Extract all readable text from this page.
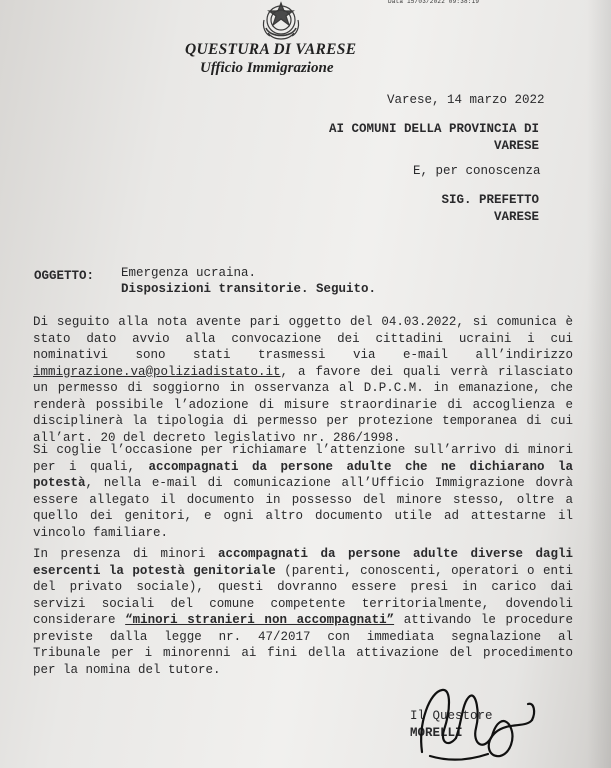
Data 15/03/2022 09:38:19
QUESTURA DI VARESE
Ufficio Immigrazione
Varese, 14 marzo 2022
AI COMUNI DELLA PROVINCIA DI
VARESE
E, per conoscenza
SIG. PREFETTO
VARESE
OGGETTO: Emergenza ucraina.
Disposizioni transitorie. Seguito.
Di seguito alla nota avente pari oggetto del 04.03.2022, si comunica è stato dato avvio alla convocazione dei cittadini ucraini i cui nominativi sono stati trasmessi via e-mail all’indirizzo immigrazione.va@poliziadistato.it, a favore dei quali verrà rilasciato un permesso di soggiorno in osservanza al D.P.C.M. in emanazione, che renderà possibile l’adozione di misure straordinarie di accoglienza e disciplinerà la tipologia di permesso per protezione temporanea di cui all’art. 20 del decreto legislativo nr. 286/1998.
Si coglie l’occasione per richiamare l’attenzione sull’arrivo di minori per i quali, accompagnati da persone adulte che ne dichiarano la potestà, nella e-mail di comunicazione all’Ufficio Immigrazione dovrà essere allegato il documento in possesso del minore stesso, oltre a quello dei genitori, e ogni altro documento utile ad attestarne il vincolo familiare.
In presenza di minori accompagnati da persone adulte diverse dagli esercenti la potestà genitoriale (parenti, conoscenti, operatori o enti del privato sociale), questi dovranno essere presi in carico dai servizi sociali del comune competente territorialmente, dovendoli considerare “minori stranieri non accompagnati” attivando le procedure previste dalla legge nr. 47/2017 con immediata segnalazione al Tribunale per i minorenni ai fini della attivazione del procedimento per la nomina del tutore.
Il Questore
MORELLI
